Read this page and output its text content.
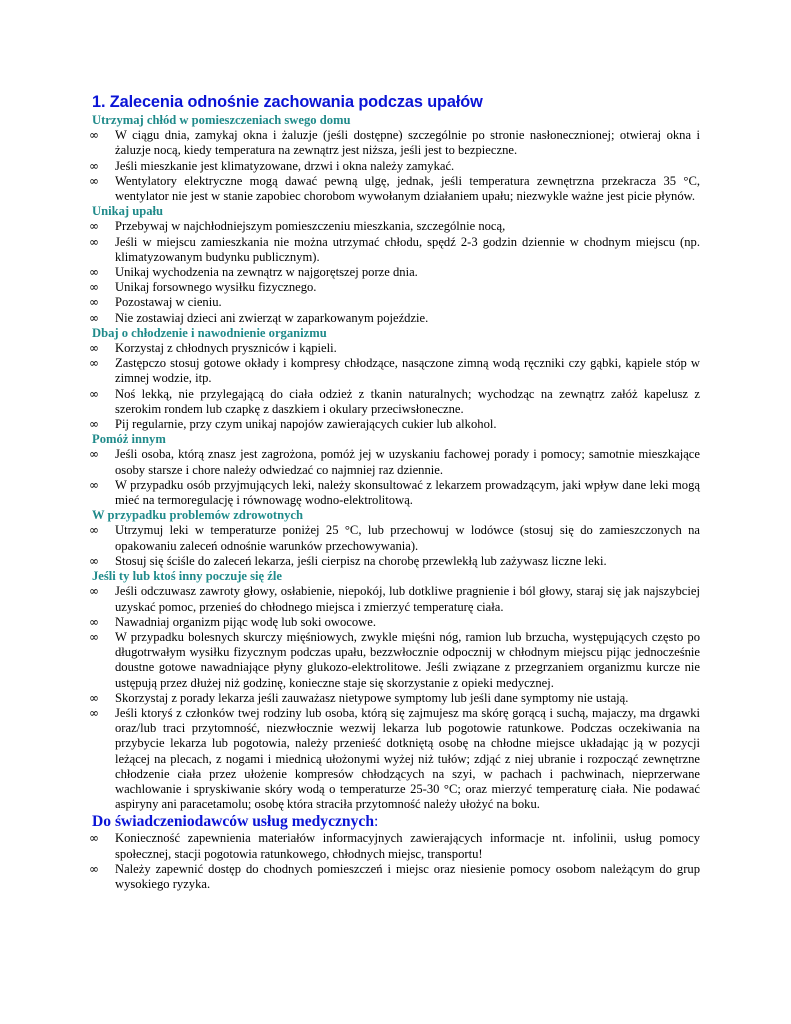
1. Zalecenia odnośnie zachowania podczas upałów
Utrzymaj chłód w pomieszczeniach swego domu
∞ W ciągu dnia, zamykaj okna i żaluzje (jeśli dostępne) szczególnie po stronie nasłonecznionej; otwieraj okna i żaluzje nocą, kiedy temperatura na zewnątrz jest niższa, jeśli jest to bezpieczne.
∞ Jeśli mieszkanie jest klimatyzowane, drzwi i okna należy zamykać.
∞ Wentylatory elektryczne mogą dawać pewną ulgę, jednak, jeśli temperatura zewnętrzna przekracza 35 °C, wentylator nie jest w stanie zapobiec chorobom wywołanym działaniem upału; niezwykle ważne jest picie płynów.
Unikaj upału
∞ Przebywaj w najchłodniejszym pomieszczeniu mieszkania, szczególnie nocą,
∞ Jeśli w miejscu zamieszkania nie można utrzymać chłodu, spędź 2-3 godzin dziennie w chodnym miejscu (np. klimatyzowanym budynku publicznym).
∞ Unikaj wychodzenia na zewnątrz w najgorętszej porze dnia.
∞ Unikaj forsownego wysiłku fizycznego.
∞ Pozostawaj w cieniu.
∞ Nie zostawiaj dzieci ani zwierząt w zaparkowanym pojeździe.
Dbaj o chłodzenie i nawodnienie organizmu
∞ Korzystaj z chłodnych pryszniców i kąpieli.
∞ Zastępczo stosuj gotowe okłady i kompresy chłodzące, nasączone zimną wodą ręczniki czy gąbki, kąpiele stóp w zimnej wodzie, itp.
∞ Noś lekką, nie przylegającą do ciała odzież z tkanin naturalnych; wychodząc na zewnątrz załóż kapelusz z szerokim rondem lub czapkę z daszkiem i okulary przeciwsłoneczne.
∞ Pij regularnie, przy czym unikaj napojów zawierających cukier lub alkohol.
Pomóż innym
∞ Jeśli osoba, którą znasz jest zagrożona, pomóż jej w uzyskaniu fachowej porady i pomocy; samotnie mieszkające osoby starsze i chore należy odwiedzać co najmniej raz dziennie.
∞ W przypadku osób przyjmujących leki, należy skonsultować z lekarzem prowadzącym, jaki wpływ dane leki mogą mieć na termoregulację i równowagę wodno-elektrolitową.
W przypadku problemów zdrowotnych
∞ Utrzymuj leki w temperaturze poniżej 25 °C, lub przechowuj w lodówce (stosuj się do zamieszczonych na opakowaniu zaleceń odnośnie warunków przechowywania).
∞ Stosuj się ściśle do zaleceń lekarza, jeśli cierpisz na chorobę przewlekłą lub zażywasz liczne leki.
Jeśli ty lub ktoś inny poczuje się źle
∞ Jeśli odczuwasz zawroty głowy, osłabienie, niepokój, lub dotkliwe pragnienie i ból głowy, staraj się jak najszybciej uzyskać pomoc, przenieś do chłodnego miejsca i zmierzyć temperaturę ciała.
∞ Nawadniaj organizm pijąc wodę lub soki owocowe.
∞ W przypadku bolesnych skurczy mięśniowych, zwykle mięśni nóg, ramion lub brzucha, występujących często po długotrwałym wysiłku fizycznym podczas upału, bezzwłocznie odpocznij w chłodnym miejscu pijąc jednocześnie doustne gotowe nawadniające płyny glukozo-elektrolitowe. Jeśli związane z przegrzaniem organizmu kurcze nie ustępują przez dłużej niż godzinę, konieczne staje się skorzystanie z opieki medycznej.
∞ Skorzystaj z porady lekarza jeśli zauważasz nietypowe symptomy lub jeśli dane symptomy nie ustają.
∞ Jeśli ktoryś z członków twej rodziny lub osoba, którą się zajmujesz ma skórę gorącą i suchą, majaczy, ma drgawki oraz/lub traci przytomność, niezwłocznie wezwij lekarza lub pogotowie ratunkowe. Podczas oczekiwania na przybycie lekarza lub pogotowia, należy przenieść dotkniętą osobę na chłodne miejsce układając ją w pozycji leżącej na plecach, z nogami i miednicą ułożonymi wyżej niż tułów; zdjąć z niej ubranie i rozpocząć zewnętrzne chłodzenie ciała przez ułożenie kompresów chłodzących na szyi, w pachach i pachwinach, nieprzerwane wachlowanie i spryskiwanie skóry wodą o temperaturze 25-30 °C; oraz mierzyć temperaturę ciała. Nie podawać aspiryny ani paracetamolu; osobę która straciła przytomność należy ułożyć na boku.
Do świadczeniodawców usług medycznych:
∞ Konieczność zapewnienia materiałów informacyjnych zawierających informacje nt. infolinii, usług pomocy społecznej, stacji pogotowia ratunkowego, chłodnych miejsc, transportu!
∞ Należy zapewnić dostęp do chodnych pomieszczeń i miejsc oraz niesienie pomocy osobom należącym do grup wysokiego ryzyka.
